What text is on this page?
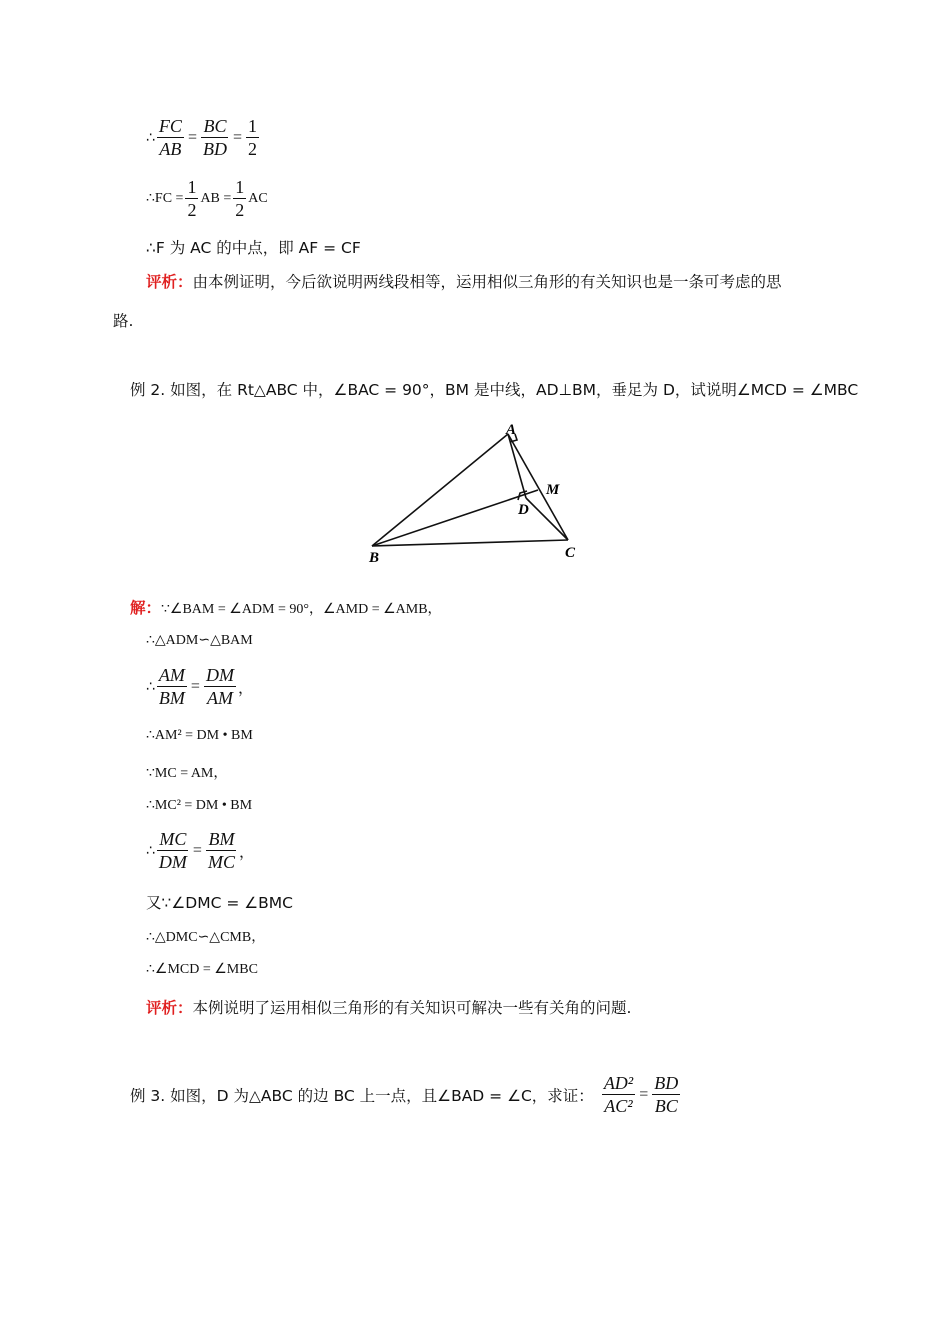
∴ $\frac{FC}{AB} = \frac{BC}{BD} = \frac{1}{2}$
∴FC = $\frac{1}{2}$ AB = $\frac{1}{2}$ AC
∴F 为 AC 的中点，即 AF = CF
评析：由本例证明，今后欲说明两线段相等，运用相似三角形的有关知识也是一条可考虑的思
路.
例 2. 如图，在 Rt△ABC 中，∠BAC = 90°，BM 是中线，AD⊥BM，垂足为 D，试说明∠MCD = ∠MBC
A
B	C
D
M
解：∵∠BAM = ∠ADM = 90°，∠AMD = ∠AMB，
∴△ADM∽△BAM
∴ $\frac{AM}{BM} = \frac{DM}{AM}$ ，
∴AM² = DM • BM
∵MC = AM，
∴MC² = DM • BM
∴ $\frac{MC}{DM} = \frac{BM}{MC}$ ，
又∵∠DMC = ∠BMC
∴△DMC∽△CMB，
∴∠MCD = ∠MBC
评析：本例说明了运用相似三角形的有关知识可解决一些有关角的问题.
例 3. 如图，D 为△ABC 的边 BC 上一点，且∠BAD = ∠C，求证： $\frac{\text{AD²}}{\text{AC²}} = \frac{BD}{BC}$
